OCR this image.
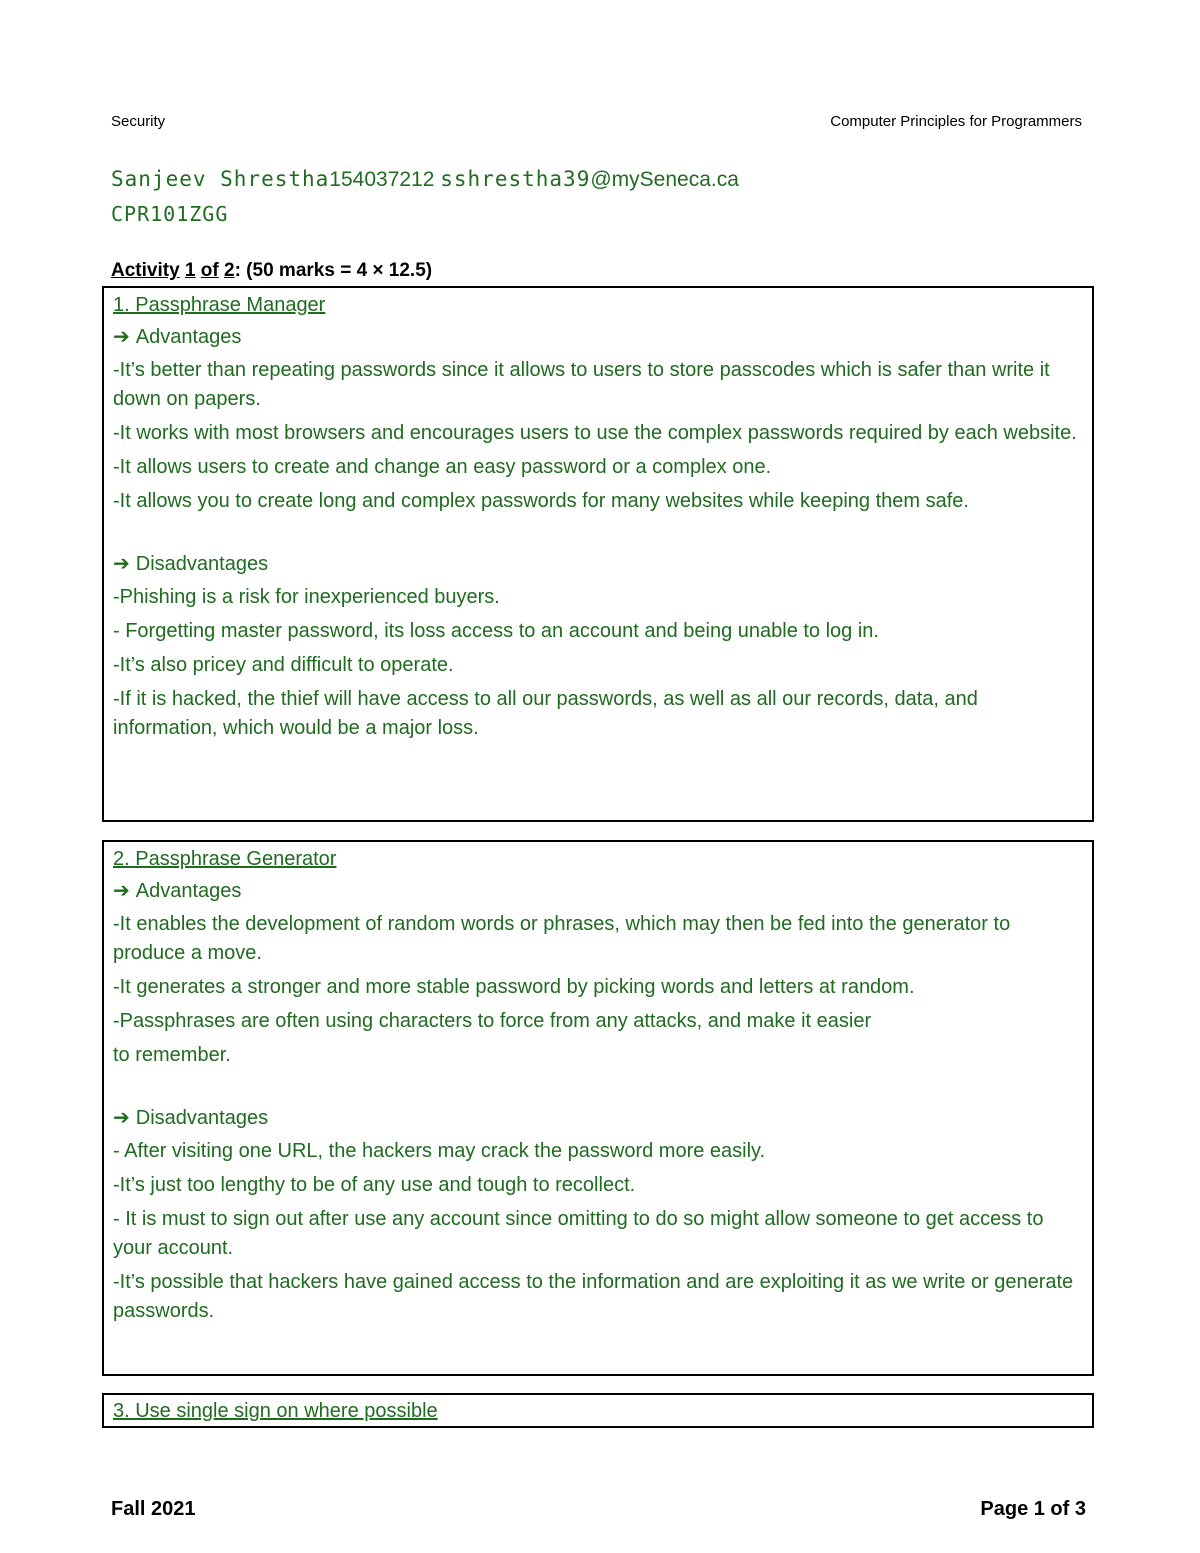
Security	Computer Principles for Programmers
Sanjeev Shrestha154037212 sshrestha39@mySeneca.ca
CPR101ZGG
Activity 1 of 2: (50 marks = 4 × 12.5)
1. Passphrase Manager
➔ Advantages
-It’s better than repeating passwords since it allows to users to store passcodes which is safer than write it down on papers.
-It works with most browsers and encourages users to use the complex passwords required by each website.
-It allows users to create and change an easy password or a complex one.
-It allows you to create long and complex passwords for many websites while keeping them safe.
➔ Disadvantages
-Phishing is a risk for inexperienced buyers.
- Forgetting master password, its loss access to an account and being unable to log in.
-It’s also pricey and difficult to operate.
-If it is hacked, the thief will have access to all our passwords, as well as all our records, data, and information, which would be a major loss.
2. Passphrase Generator
➔ Advantages
-It enables the development of random words or phrases, which may then be fed into the generator to produce a move.
-It generates a stronger and more stable password by picking words and letters at random.
-Passphrases are often using characters to force from any attacks, and make it easier
to remember.
➔ Disadvantages
- After visiting one URL, the hackers may crack the password more easily.
-It’s just too lengthy to be of any use and tough to recollect.
- It is must to sign out after use any account since omitting to do so might allow someone to get access to your account.
-It’s possible that hackers have gained access to the information and are exploiting it as we write or generate passwords.
3. Use single sign on where possible
Fall 2021	Page 1 of 3
